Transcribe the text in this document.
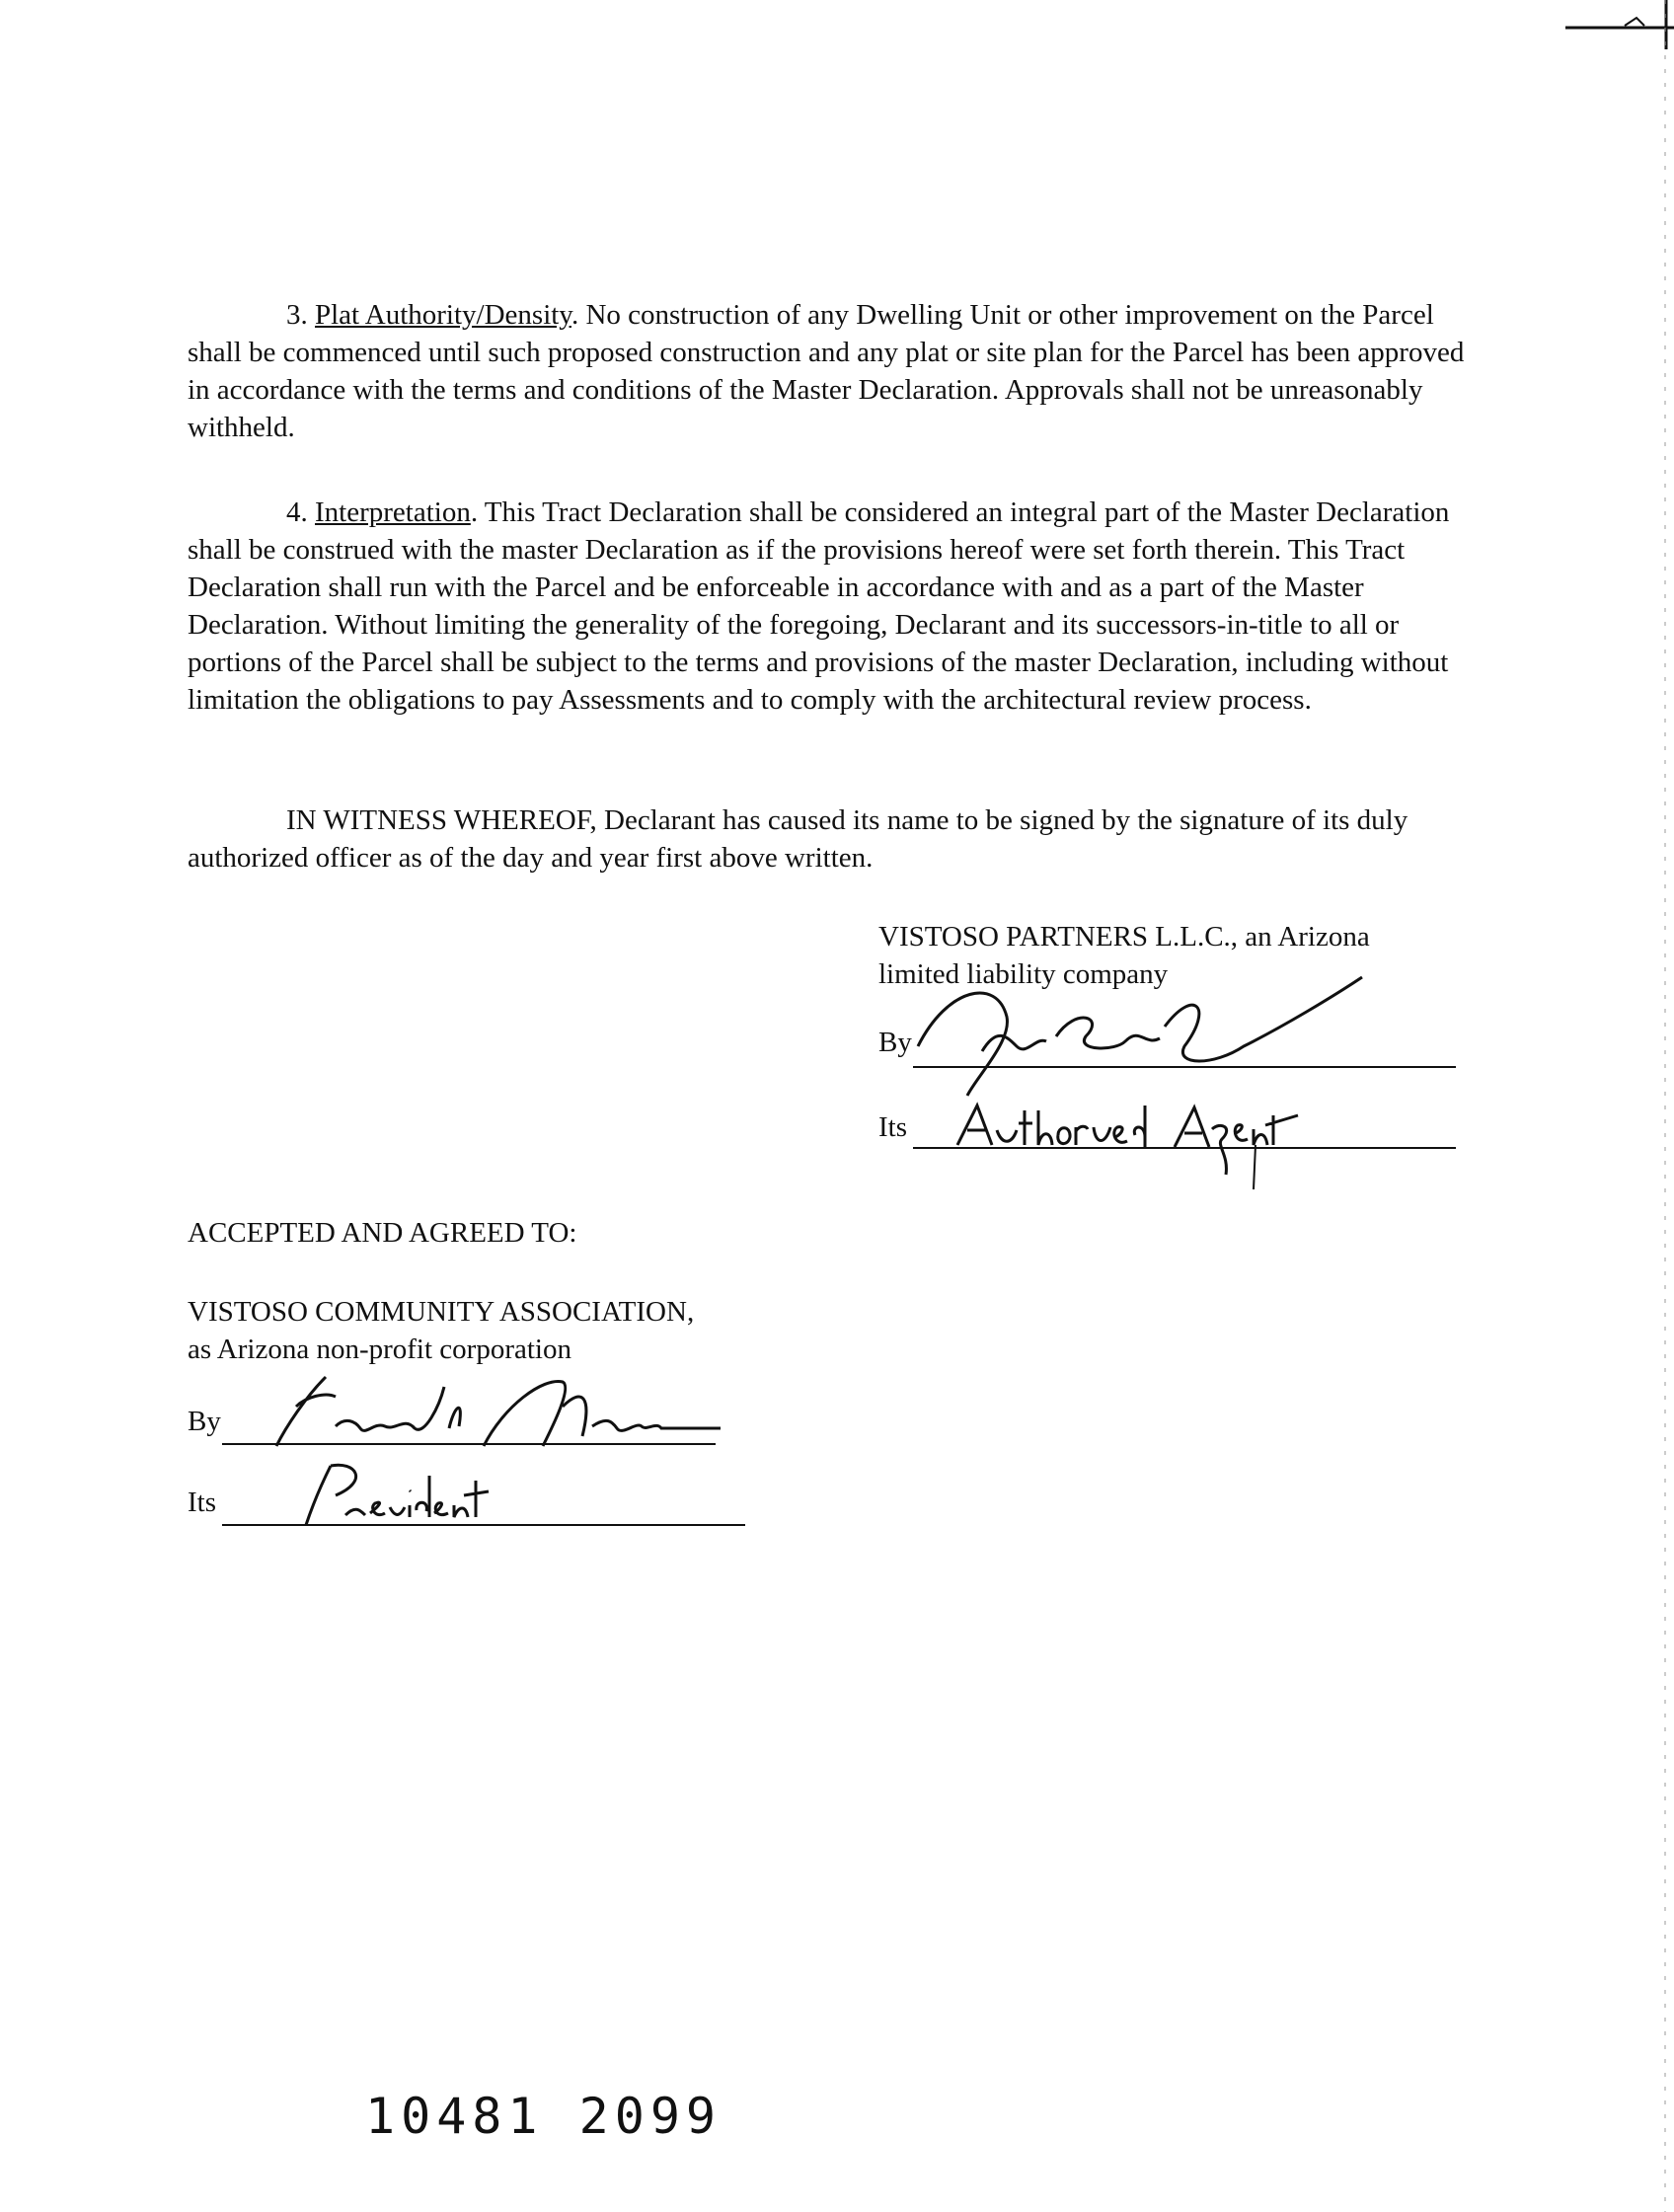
3. Plat Authority/Density. No construction of any Dwelling Unit or other improvement on the Parcel shall be commenced until such proposed construction and any plat or site plan for the Parcel has been approved in accordance with the terms and conditions of the Master Declaration. Approvals shall not be unreasonably withheld.

4. Interpretation. This Tract Declaration shall be considered an integral part of the Master Declaration shall be construed with the master Declaration as if the provisions hereof were set forth therein. This Tract Declaration shall run with the Parcel and be enforceable in accordance with and as a part of the Master Declaration. Without limiting the generality of the foregoing, Declarant and its successors-in-title to all or portions of the Parcel shall be subject to the terms and provisions of the master Declaration, including without limitation the obligations to pay Assessments and to comply with the architectural review process.

IN WITNESS WHEREOF, Declarant has caused its name to be signed by the signature of its duly authorized officer as of the day and year first above written.

VISTOSO PARTNERS L.L.C., an Arizona

limited liability company

By
Its

ACCEPTED AND AGREED TO:

VISTOSO COMMUNITY ASSOCIATION,

as Arizona non-profit corporation

By
Its
10481 2099
